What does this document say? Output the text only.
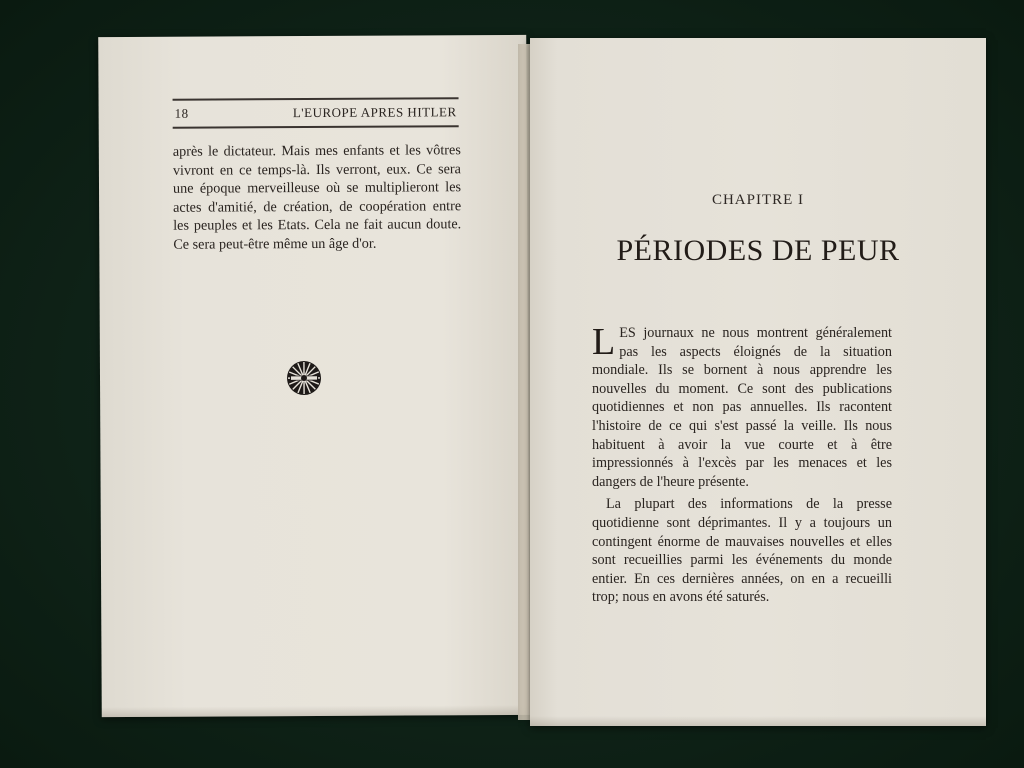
18	L'EUROPE APRES HITLER

après le dictateur. Mais mes enfants et les vôtres vivront en ce temps-là. Ils verront, eux. Ce sera une époque merveilleuse où se multiplieront les actes d'amitié, de création, de coopération entre les peuples et les Etats. Cela ne fait aucun doute. Ce sera peut-être même un âge d'or.

CHAPITRE I
PÉRIODES DE PEUR

LES journaux ne nous montrent généralement pas les aspects éloignés de la situation mondiale. Ils se bornent à nous apprendre les nouvelles du moment. Ce sont des publications quotidiennes et non pas annuelles. Ils racontent l'histoire de ce qui s'est passé la veille. Ils nous habituent à avoir la vue courte et à être impressionnés à l'excès par les menaces et les dangers de l'heure présente.

La plupart des informations de la presse quotidienne sont déprimantes. Il y a toujours un contingent énorme de mauvaises nouvelles et elles sont recueillies parmi les événements du monde entier. En ces dernières années, on en a recueilli trop; nous en avons été saturés.
